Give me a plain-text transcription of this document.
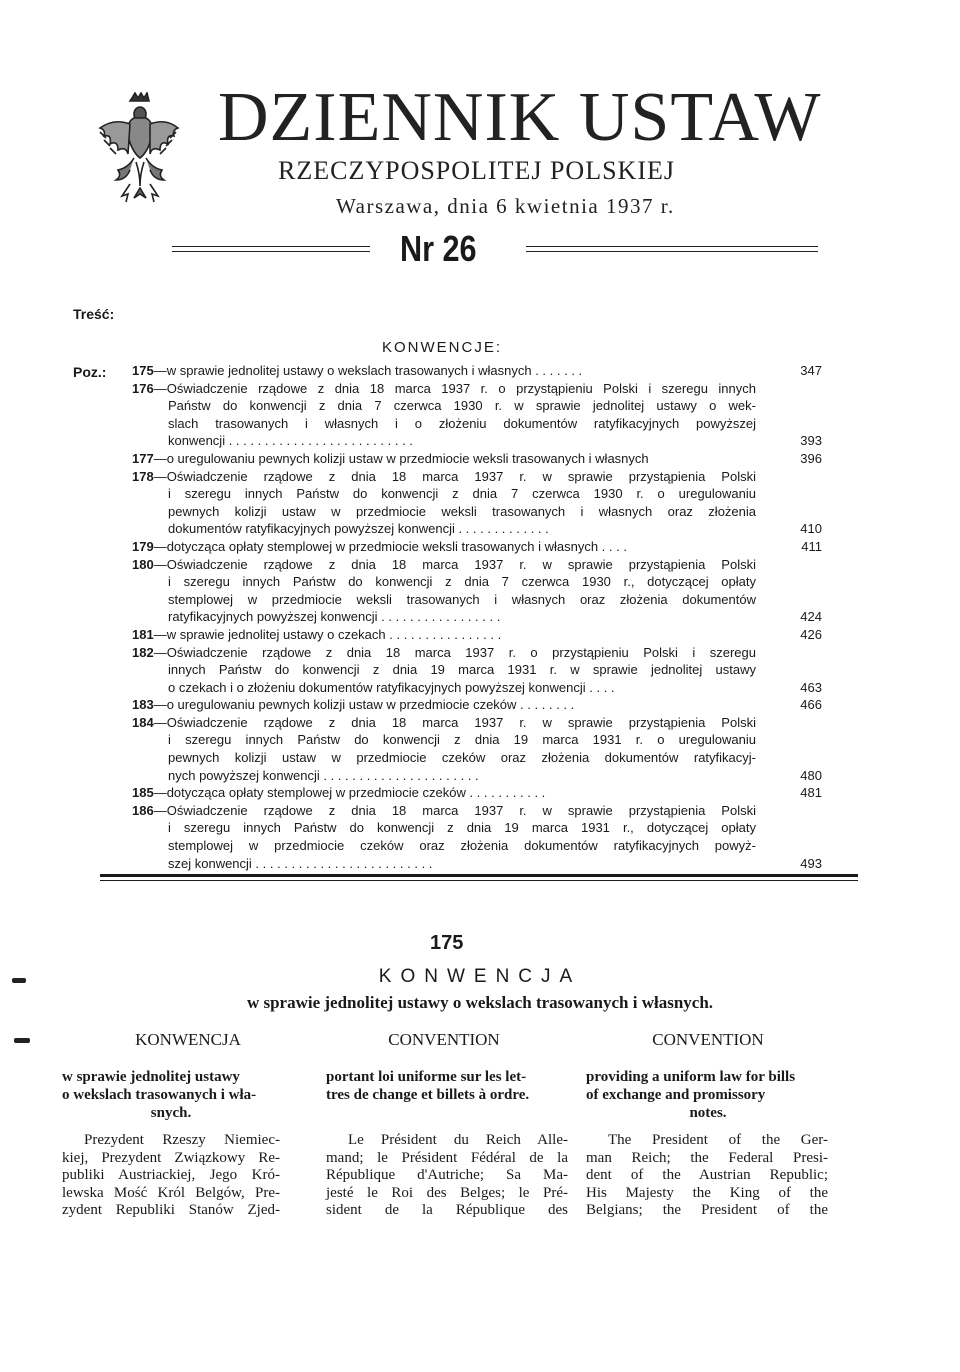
DZIENNIK USTAW
RZECZYPOSPOLITEJ POLSKIEJ
Warszawa, dnia 6 kwietnia 1937 r.
Nr 26
Treść:
KONWENCJE:
Poz.: 175—w sprawie jednolitej ustawy o wekslach trasowanych i własnych . . . . . . .	347
176—Oświadczenie rządowe z dnia 18 marca 1937 r. o przystąpieniu Polski i szeregu innych
Państw do konwencji z dnia 7 czerwca 1930 r. w sprawie jednolitej ustawy o wek-
slach trasowanych i własnych i o złożeniu dokumentów ratyfikacyjnych powyższej
konwencji . . . . . . . . . . . . . . . . . . . . . . . . . .	393
177—o uregulowaniu pewnych kolizji ustaw w przedmiocie weksli trasowanych i własnych	396
178—Oświadczenie rządowe z dnia 18 marca 1937 r. w sprawie przystąpienia Polski
i szeregu innych Państw do konwencji z dnia 7 czerwca 1930 r. o uregulowaniu
pewnych kolizji ustaw w przedmiocie weksli trasowanych i własnych oraz złożenia
dokumentów ratyfikacyjnych powyższej konwencji . . . . . . . . . . . . .	410
179—dotycząca opłaty stemplowej w przedmiocie weksli trasowanych i własnych . . . .	411
180—Oświadczenie rządowe z dnia 18 marca 1937 r. w sprawie przystąpienia Polski
i szeregu innych Państw do konwencji z dnia 7 czerwca 1930 r., dotyczącej opłaty
stemplowej w przedmiocie weksli trasowanych i własnych oraz złożenia dokumentów
ratyfikacyjnych powyższej konwencji . . . . . . . . . . . . . . . . .	424
181—w sprawie jednolitej ustawy o czekach . . . . . . . . . . . . . . . .	426
182—Oświadczenie rządowe z dnia 18 marca 1937 r. o przystąpieniu Polski i szeregu
innych Państw do konwencji z dnia 19 marca 1931 r. w sprawie jednolitej ustawy
o czekach i o złożeniu dokumentów ratyfikacyjnych powyższej konwencji . . . .	463
183—o uregulowaniu pewnych kolizji ustaw w przedmiocie czeków . . . . . . . .	466
184—Oświadczenie rządowe z dnia 18 marca 1937 r. w sprawie przystąpienia Polski
i szeregu innych Państw do konwencji z dnia 19 marca 1931 r. o uregulowaniu
pewnych kolizji ustaw w przedmiocie czeków oraz złożenia dokumentów ratyfikacyj-
nych powyższej konwencji . . . . . . . . . . . . . . . . . . . . . .	480
185—dotycząca opłaty stemplowej w przedmiocie czeków . . . . . . . . . . .	481
186—Oświadczenie rządowe z dnia 18 marca 1937 r. w sprawie przystąpienia Polski
i szeregu innych Państw do konwencji z dnia 19 marca 1931 r., dotyczącej opłaty
stemplowej w przedmiocie czeków oraz złożenia dokumentów ratyfikacyjnych powyż-
szej konwencji . . . . . . . . . . . . . . . . . . . . . . . . .	493
175
KONWENCJA
w sprawie jednolitej ustawy o wekslach trasowanych i własnych.
KONWENCJA	CONVENTION	CONVENTION
w sprawie jednolitej ustawy
o wekslach trasowanych i wła-
snych.
portant loi uniforme sur les let-
tres de change et billets à ordre.
providing a uniform law for bills
of exchange and promissory
notes.
Prezydent Rzeszy Niemiec-
kiej, Prezydent Związkowy Re-
publiki Austriackiej, Jego Kró-
lewska Mość Król Belgów, Pre-
zydent Republiki Stanów Zjed-
Le Président du Reich Alle-
mand; le Président Fédéral de la
République d'Autriche; Sa Ma-
jesté le Roi des Belges; le Pré-
sident de la République des
The President of the Ger-
man Reich; the Federal Presi-
dent of the Austrian Republic;
His Majesty the King of the
Belgians; the President of the
